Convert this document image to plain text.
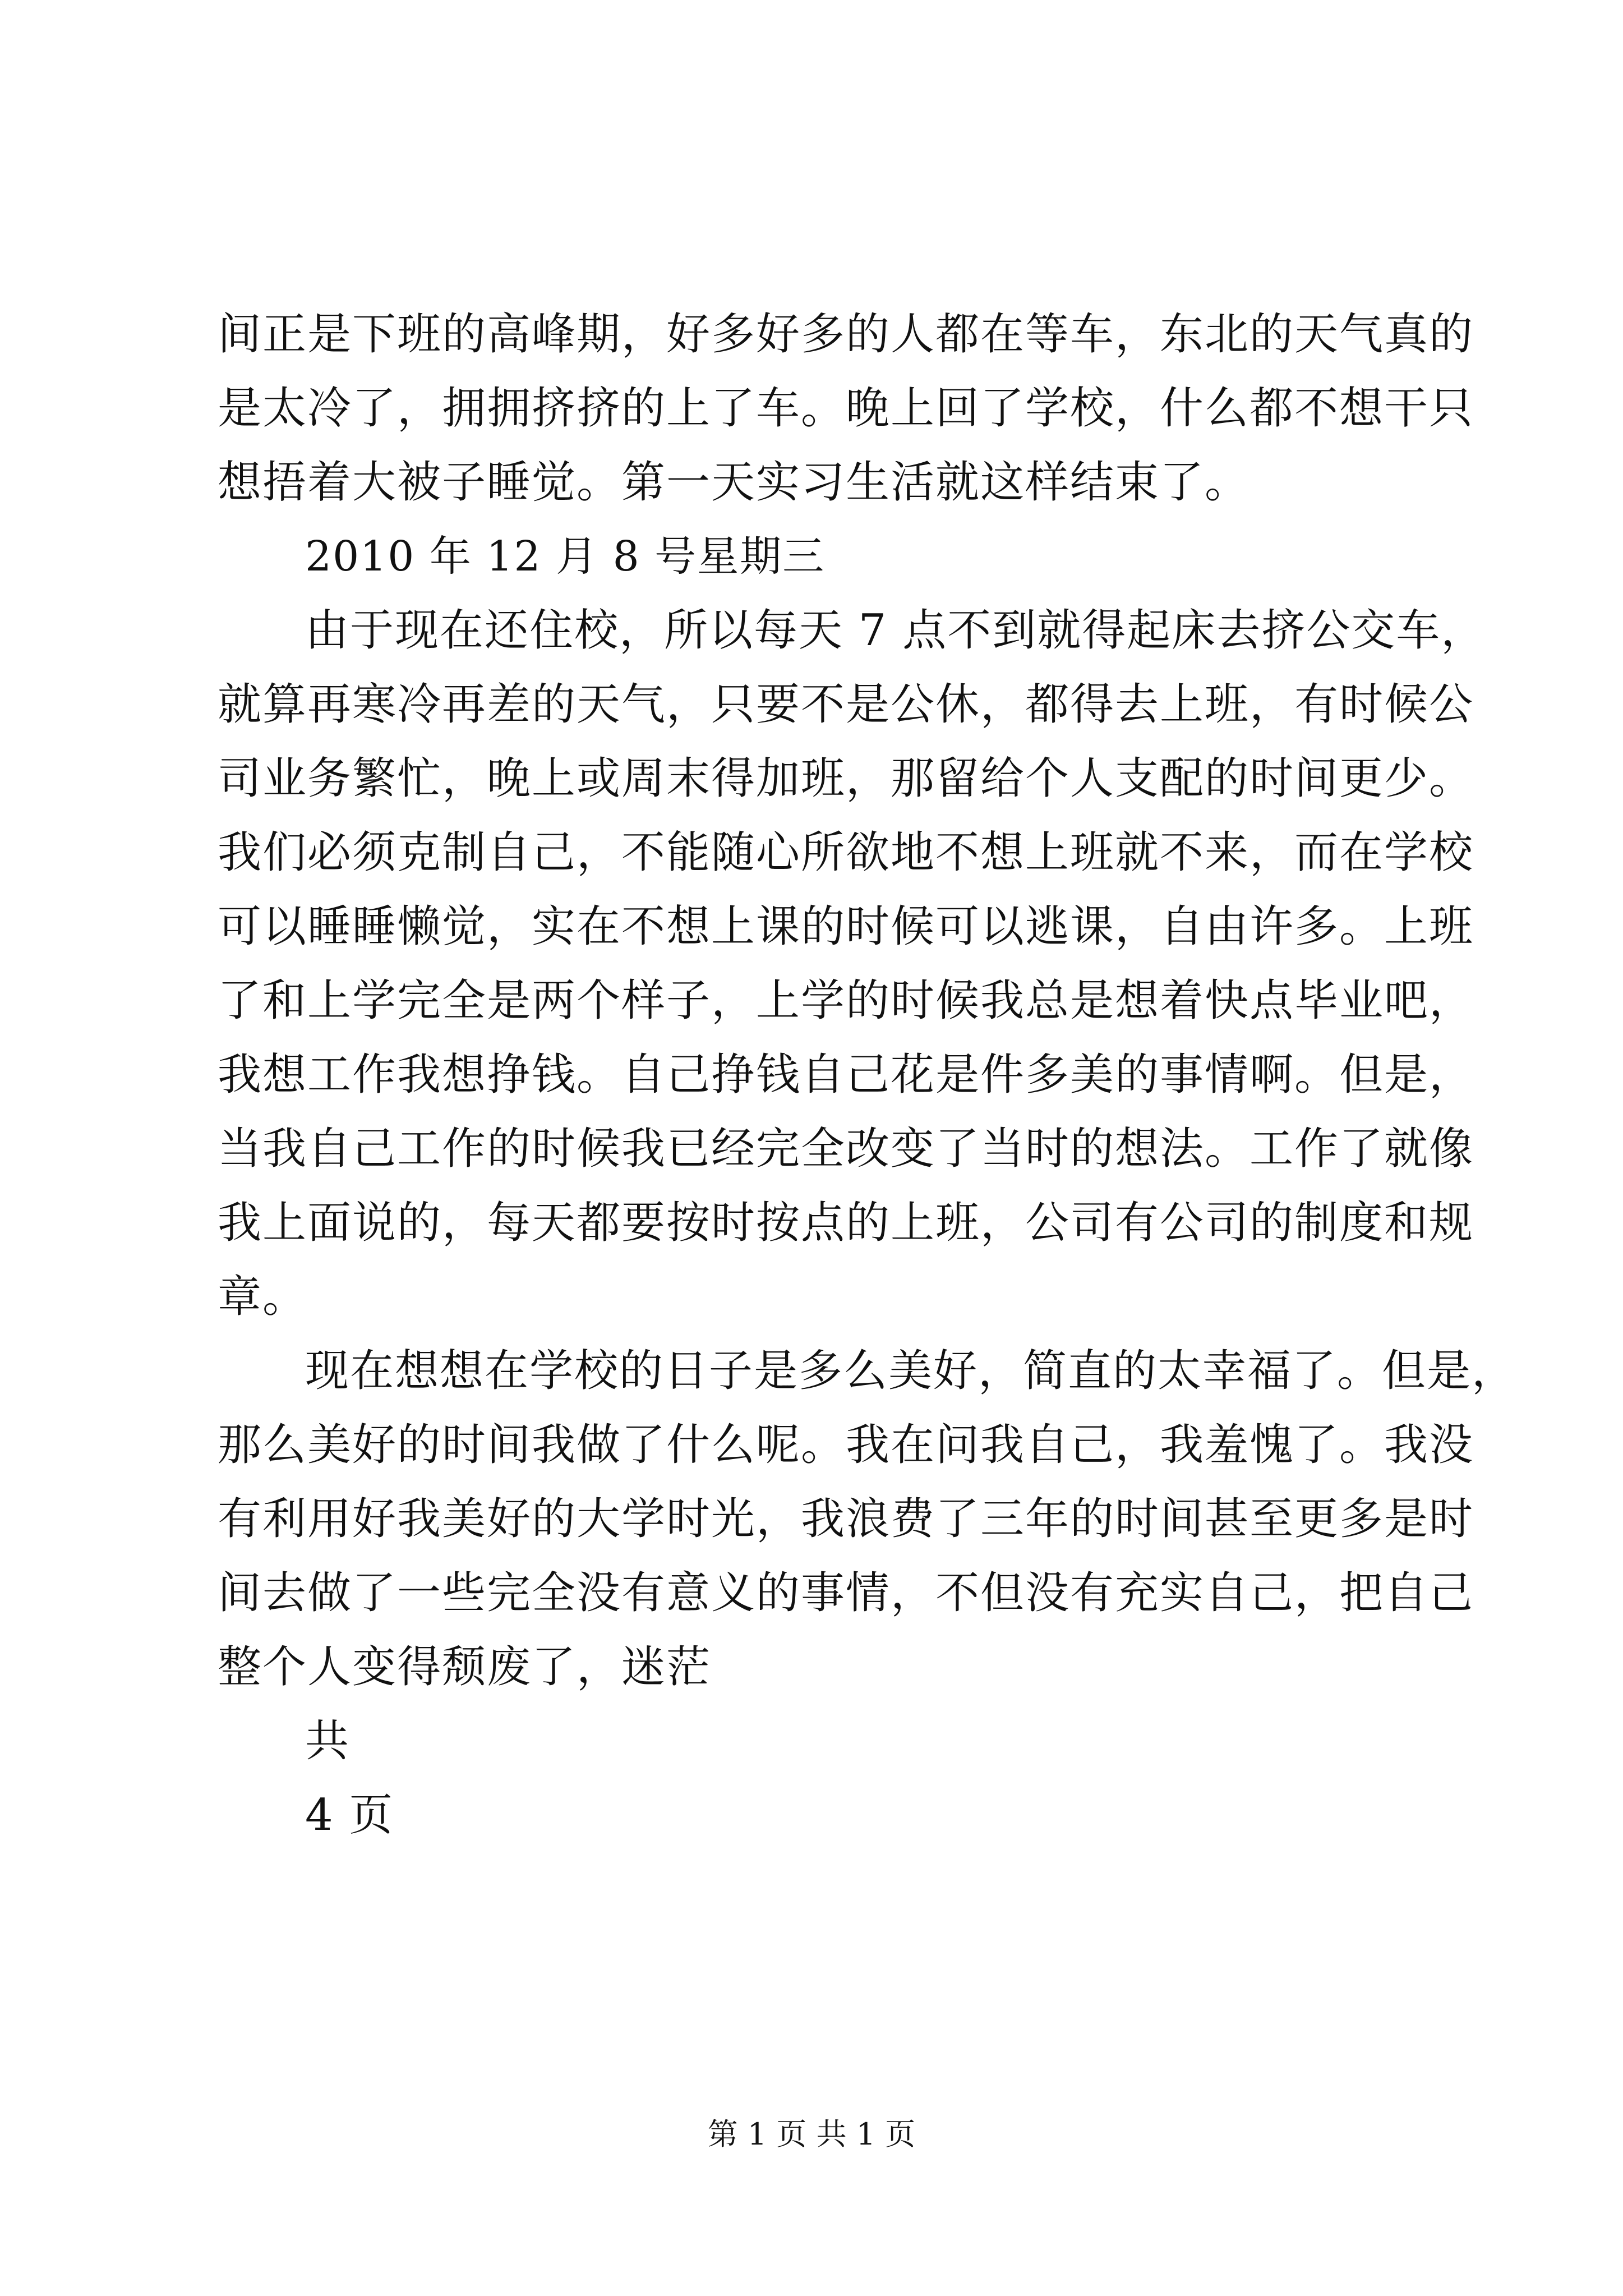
间正是下班的高峰期，好多好多的人都在等车，东北的天气真的
是太冷了，拥拥挤挤的上了车。晚上回了学校，什么都不想干只
想捂着大被子睡觉。第一天实习生活就这样结束了。
2010 年 12 月 8 号星期三
由于现在还住校，所以每天 7 点不到就得起床去挤公交车，
就算再寒冷再差的天气，只要不是公休，都得去上班，有时候公
司业务繁忙，晚上或周末得加班，那留给个人支配的时间更少。
我们必须克制自己，不能随心所欲地不想上班就不来，而在学校
可以睡睡懒觉，实在不想上课的时候可以逃课，自由许多。上班
了和上学完全是两个样子，上学的时候我总是想着快点毕业吧，
我想工作我想挣钱。自己挣钱自己花是件多美的事情啊。但是，
当我自己工作的时候我已经完全改变了当时的想法。工作了就像
我上面说的，每天都要按时按点的上班，公司有公司的制度和规
章。
现在想想在学校的日子是多么美好，简直的太幸福了。但是，
那么美好的时间我做了什么呢。我在问我自己，我羞愧了。我没
有利用好我美好的大学时光，我浪费了三年的时间甚至更多是时
间去做了一些完全没有意义的事情，不但没有充实自己，把自己
整个人变得颓废了，迷茫
共
4 页
第 1 页 共 1 页
